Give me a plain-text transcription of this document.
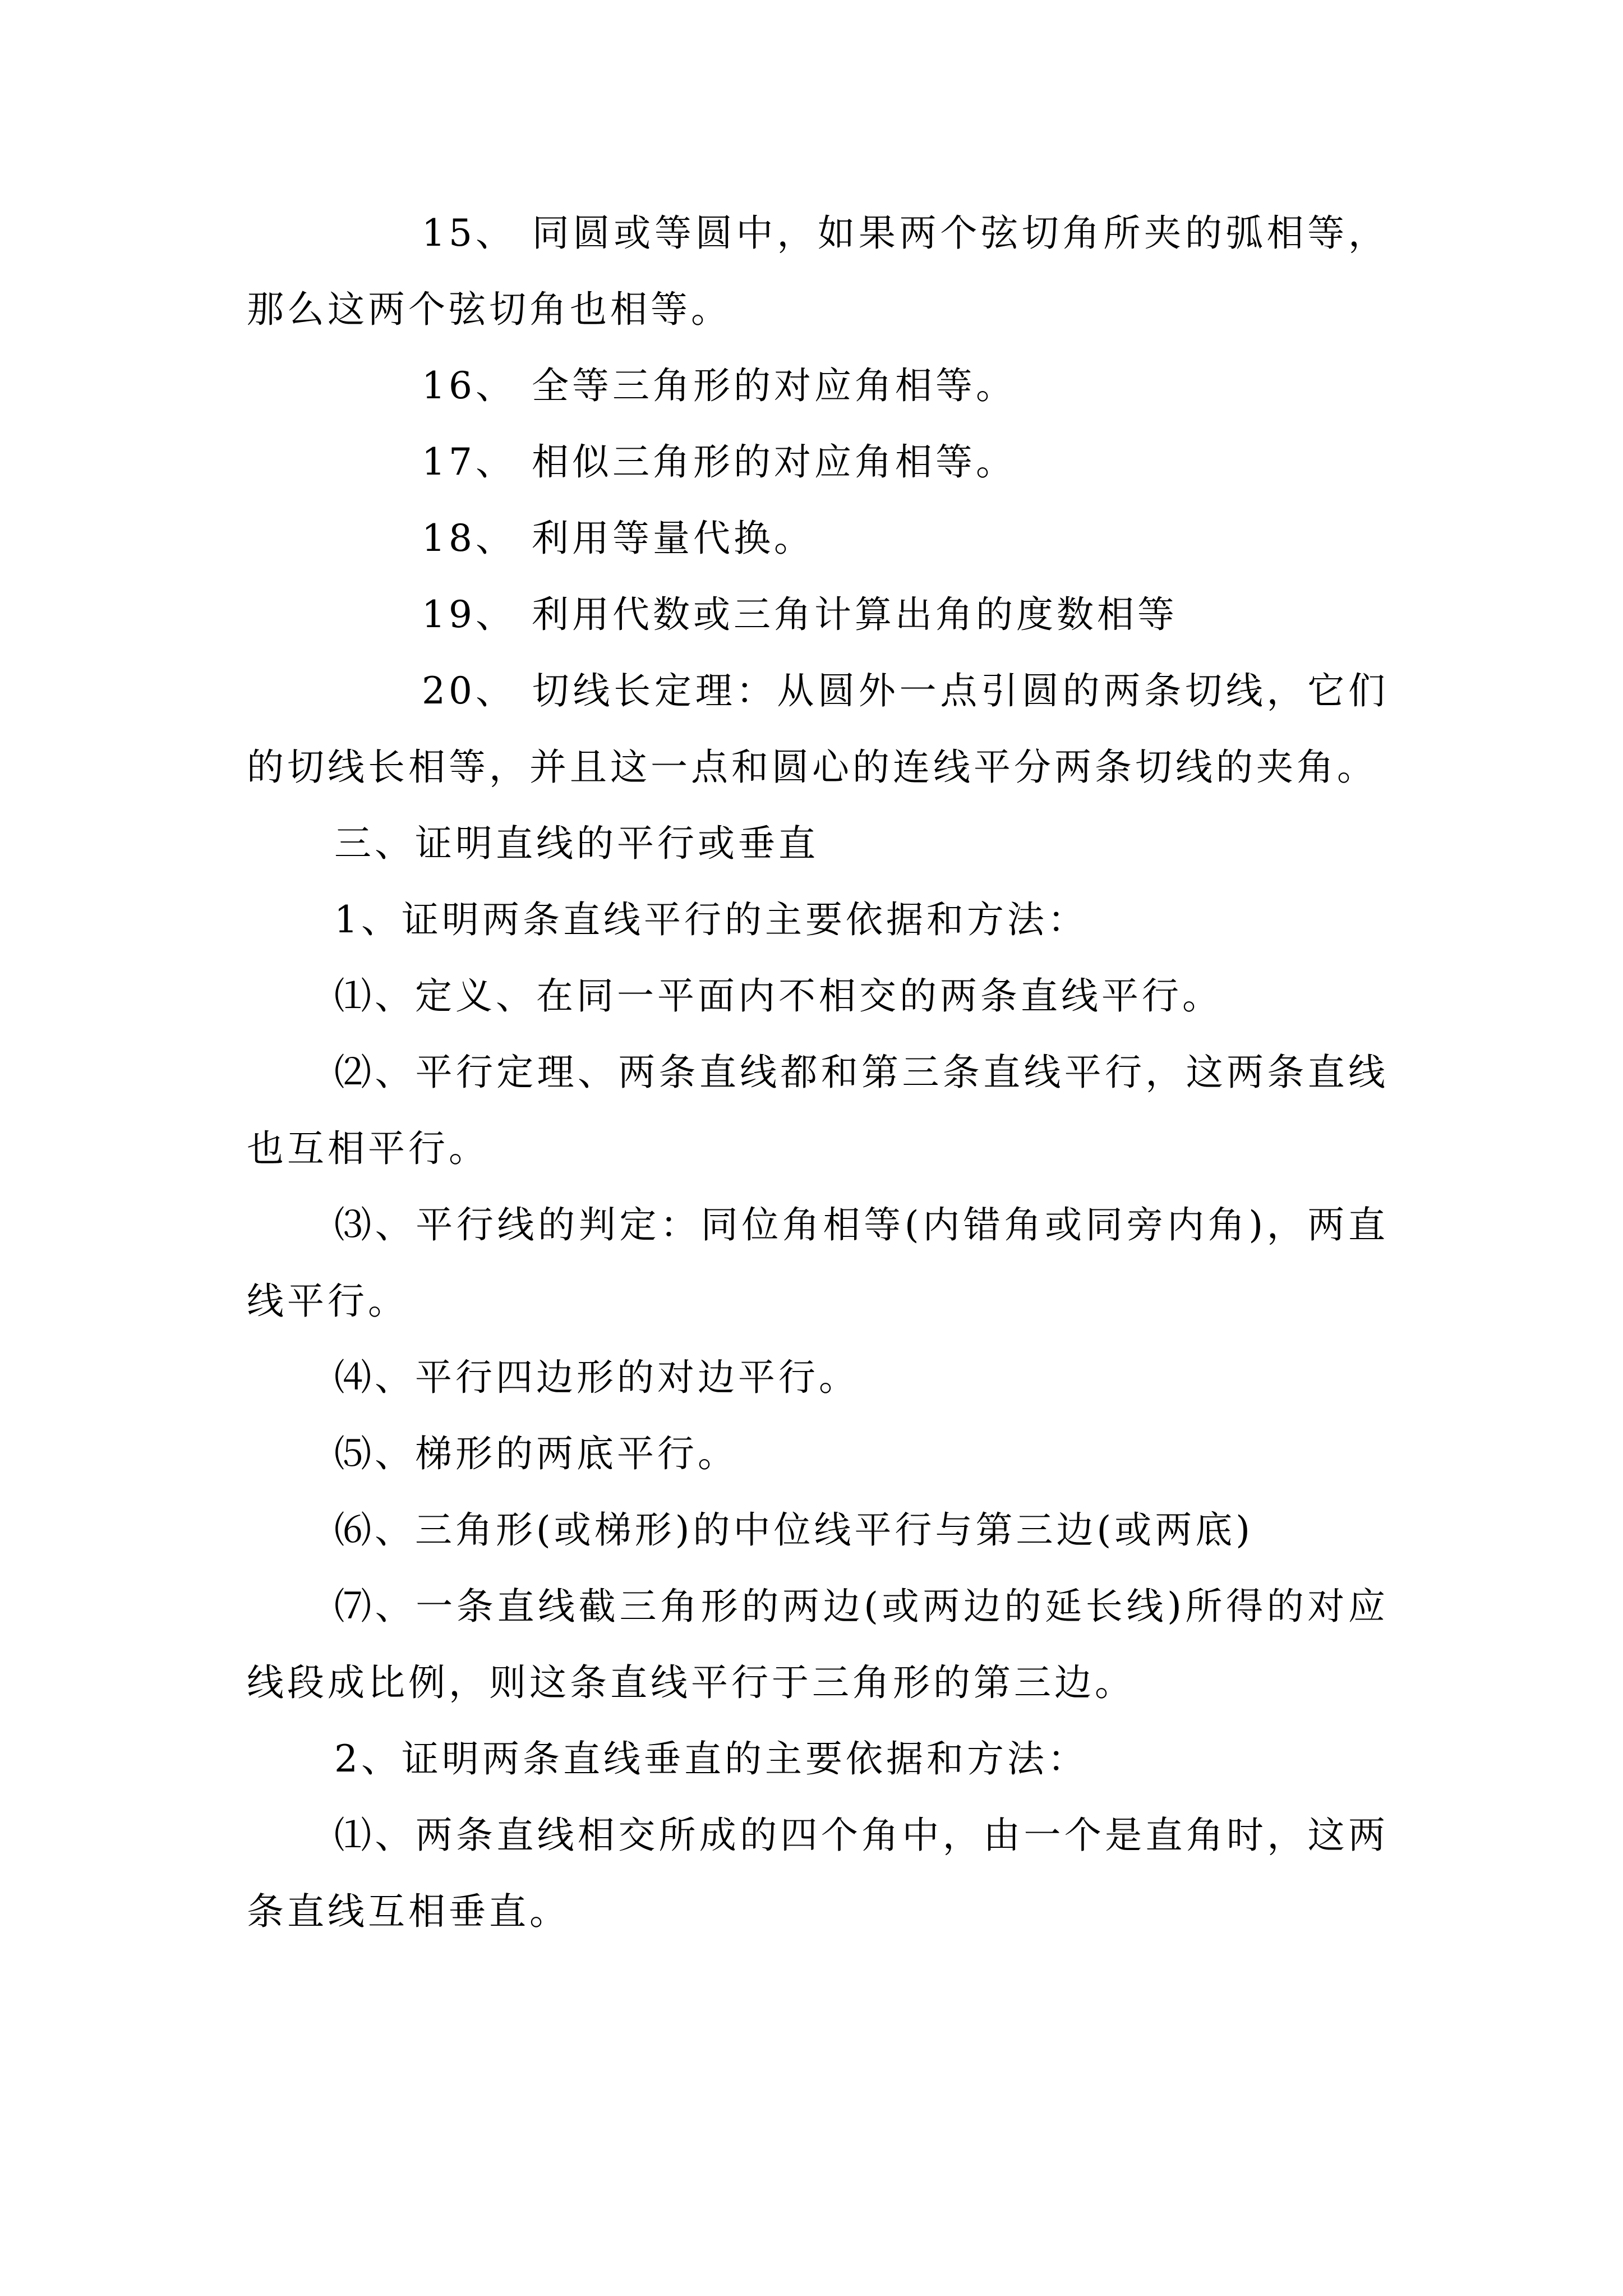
15、 同圆或等圆中，如果两个弦切角所夹的弧相等，那么这两个弦切角也相等。

16、 全等三角形的对应角相等。

17、 相似三角形的对应角相等。

18、 利用等量代换。

19、 利用代数或三角计算出角的度数相等

20、 切线长定理：从圆外一点引圆的两条切线，它们的切线长相等，并且这一点和圆心的连线平分两条切线的夹角。

三、证明直线的平行或垂直

1、证明两条直线平行的主要依据和方法：

⑴、定义、在同一平面内不相交的两条直线平行。

⑵、平行定理、两条直线都和第三条直线平行，这两条直线也互相平行。

⑶、平行线的判定：同位角相等(内错角或同旁内角)，两直线平行。

⑷、平行四边形的对边平行。

⑸、梯形的两底平行。

⑹、三角形(或梯形)的中位线平行与第三边(或两底)

⑺、一条直线截三角形的两边(或两边的延长线)所得的对应线段成比例，则这条直线平行于三角形的第三边。

2、证明两条直线垂直的主要依据和方法：

⑴、两条直线相交所成的四个角中，由一个是直角时，这两条直线互相垂直。
